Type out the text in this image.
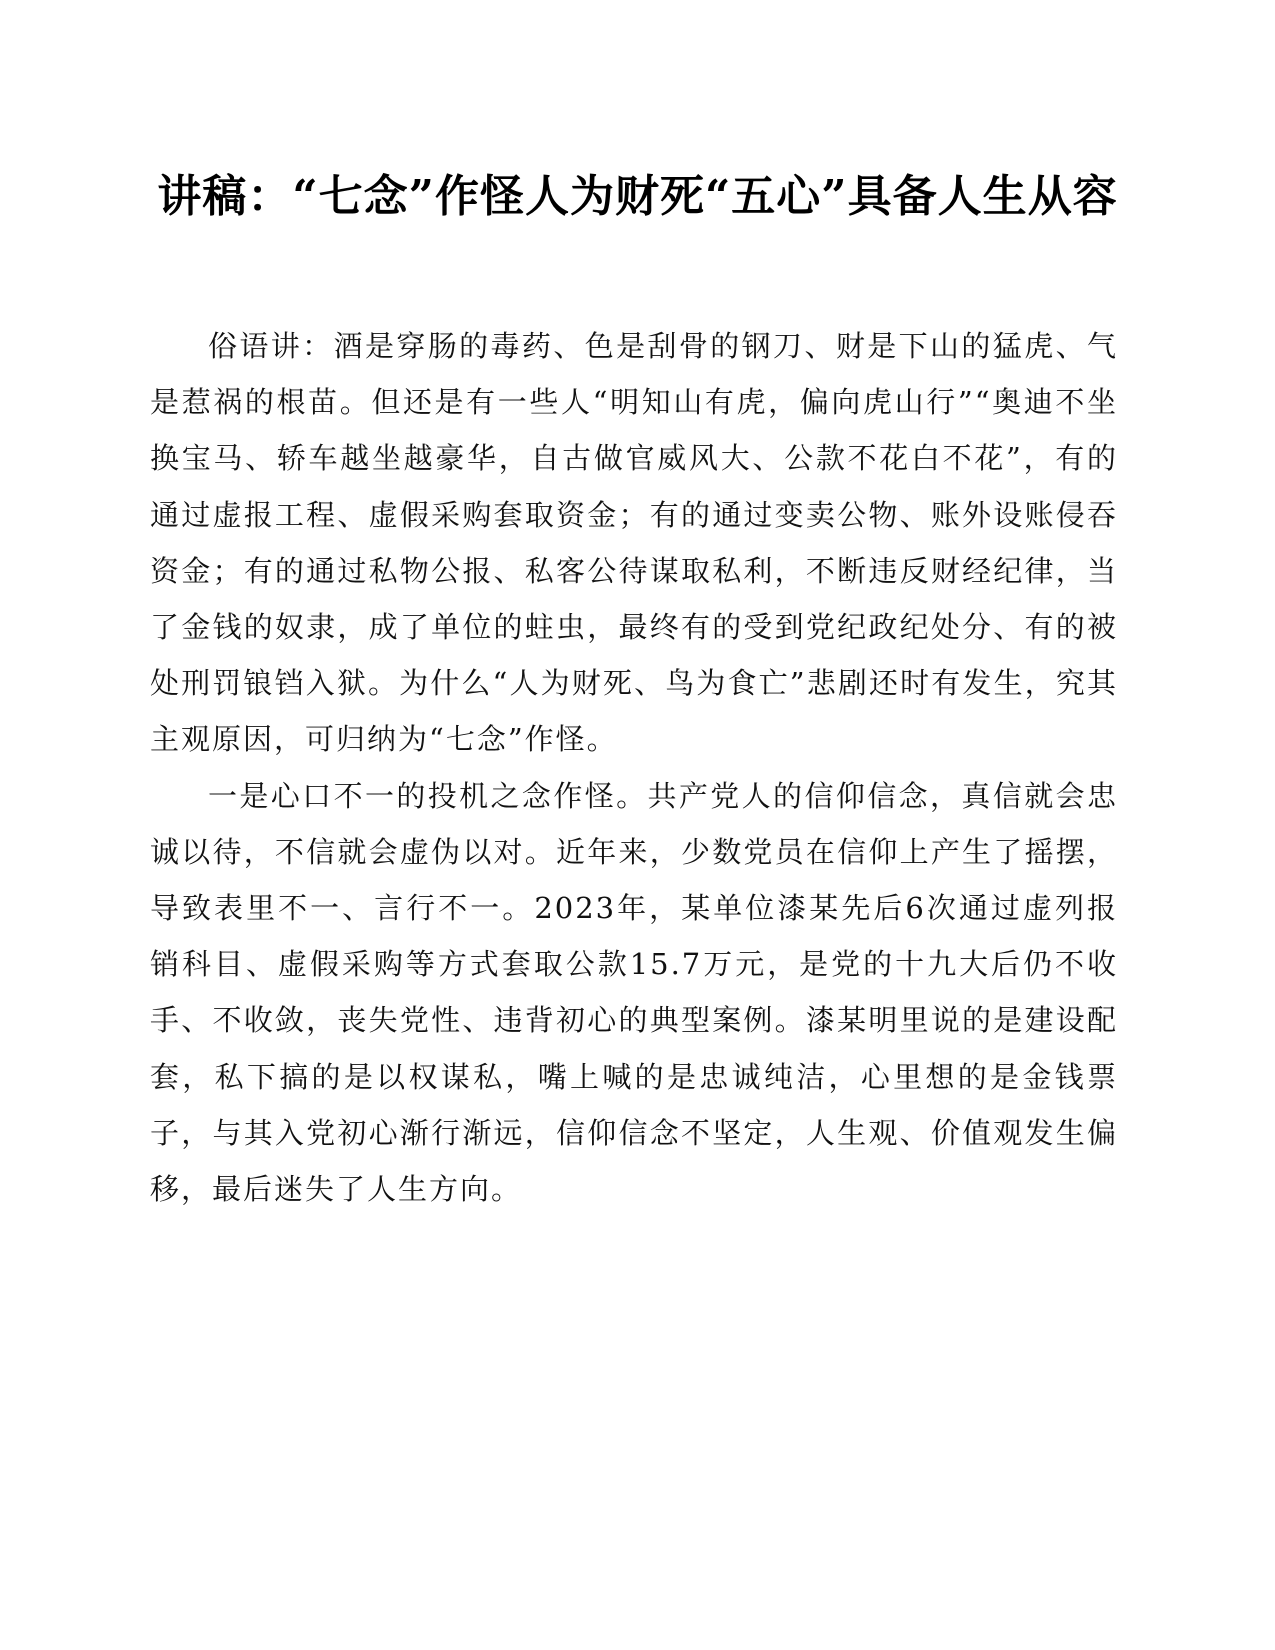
讲稿：“七念”作怪人为财死“五心”具备人生从容

俗语讲：酒是穿肠的毒药、色是刮骨的钢刀、财是下山的猛虎、气是惹祸的根苗。但还是有一些人“明知山有虎，偏向虎山行”“奥迪不坐换宝马、轿车越坐越豪华，自古做官威风大、公款不花白不花”，有的通过虚报工程、虚假采购套取资金；有的通过变卖公物、账外设账侵吞资金；有的通过私物公报、私客公待谋取私利，不断违反财经纪律，当了金钱的奴隶，成了单位的蛀虫，最终有的受到党纪政纪处分、有的被处刑罚锒铛入狱。为什么“人为财死、鸟为食亡”悲剧还时有发生，究其主观原因，可归纳为“七念”作怪。

一是心口不一的投机之念作怪。共产党人的信仰信念，真信就会忠诚以待，不信就会虚伪以对。近年来，少数党员在信仰上产生了摇摆，导致表里不一、言行不一。2023年，某单位漆某先后6次通过虚列报销科目、虚假采购等方式套取公款15.7万元，是党的十九大后仍不收手、不收敛，丧失党性、违背初心的典型案例。漆某明里说的是建设配套，私下搞的是以权谋私，嘴上喊的是忠诚纯洁，心里想的是金钱票子，与其入党初心渐行渐远，信仰信念不坚定，人生观、价值观发生偏移，最后迷失了人生方向。
